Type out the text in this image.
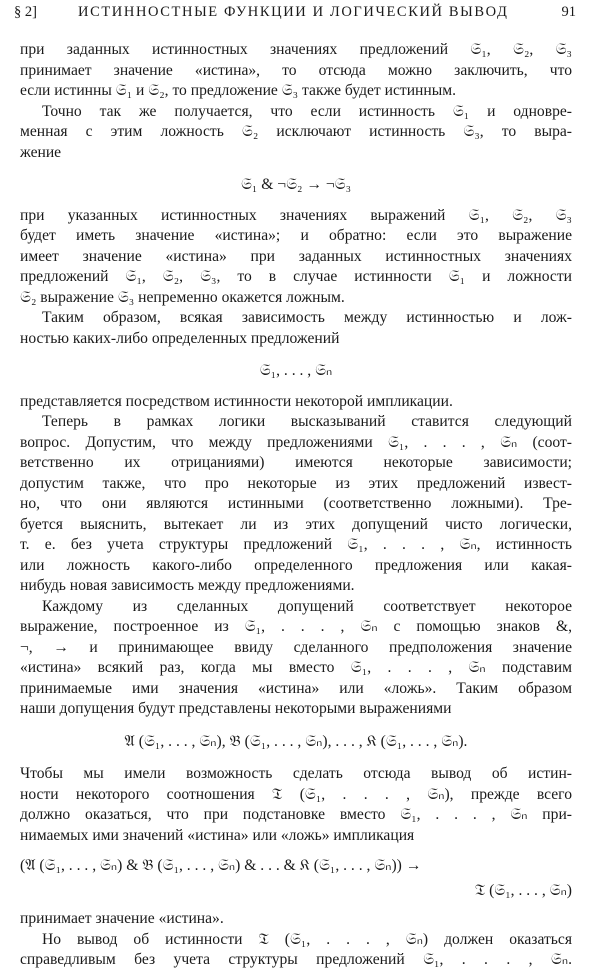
§ 2]	ИСТИННОСТНЫЕ ФУНКЦИИ И ЛОГИЧЕСКИЙ ВЫВОД	91
при заданных истинностных значениях предложений 𝔖₁, 𝔖₂, 𝔖₃
принимает значение «истина», то отсюда можно заключить, что
если истинны 𝔖₁ и 𝔖₂, то предложение 𝔖₃ также будет истинным.
Точно так же получается, что если истинность 𝔖₁ и одновре-
менная с этим ложность 𝔖₂ исключают истинность 𝔖₃, то выра-
жение
𝔖₁ & ¬𝔖₂ → ¬𝔖₃
при указанных истинностных значениях выражений 𝔖₁, 𝔖₂, 𝔖₃
будет иметь значение «истина»; и обратно: если это выражение
имеет значение «истина» при заданных истинностных значениях
предложений 𝔖₁, 𝔖₂, 𝔖₃, то в случае истинности 𝔖₁ и ложности
𝔖₂ выражение 𝔖₃ непременно окажется ложным.
Таким образом, всякая зависимость между истинностью и лож-
ностью каких-либо определенных предложений
𝔖₁, . . . , 𝔖ₙ
представляется посредством истинности некоторой импликации.
Теперь в рамках логики высказываний ставится следующий
вопрос. Допустим, что между предложениями 𝔖₁, . . . , 𝔖ₙ (соот-
ветственно их отрицаниями) имеются некоторые зависимости;
допустим также, что про некоторые из этих предложений извест-
но, что они являются истинными (соответственно ложными). Тре-
буется выяснить, вытекает ли из этих допущений чисто логически,
т. е. без учета структуры предложений 𝔖₁, . . . , 𝔖ₙ, истинность
или ложность какого-либо определенного предложения или какая-
нибудь новая зависимость между предложениями.
Каждому из сделанных допущений соответствует некоторое
выражение, построенное из 𝔖₁, . . . , 𝔖ₙ с помощью знаков &,
¬, → и принимающее ввиду сделанного предположения значение
«истина» всякий раз, когда мы вместо 𝔖₁, . . . , 𝔖ₙ подставим
принимаемые ими значения «истина» или «ложь». Таким образом
наши допущения будут представлены некоторыми выражениями
𝔄 (𝔖₁, . . . , 𝔖ₙ), 𝔅 (𝔖₁, . . . , 𝔖ₙ), . . . , 𝔎 (𝔖₁, . . . , 𝔖ₙ).
Чтобы мы имели возможность сделать отсюда вывод об истин-
ности некоторого соотношения 𝔗 (𝔖₁, . . . , 𝔖ₙ), прежде всего
должно оказаться, что при подстановке вместо 𝔖₁, . . . , 𝔖ₙ при-
нимаемых ими значений «истина» или «ложь» импликация
(𝔄 (𝔖₁, . . . , 𝔖ₙ) & 𝔅 (𝔖₁, . . . , 𝔖ₙ) & . . . & 𝔎 (𝔖₁, . . . , 𝔖ₙ)) →
𝔗 (𝔖₁, . . . , 𝔖ₙ)
принимает значение «истина».
Но вывод об истинности 𝔗 (𝔖₁, . . . , 𝔖ₙ) должен оказаться
справедливым без учета структуры предложений 𝔖₁, . . . , 𝔖ₙ.
